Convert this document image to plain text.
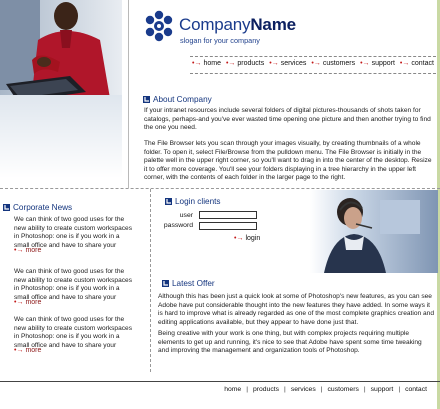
CompanyName
slogan for your company
•→ home •→ products •→ services •→ customers •→ support •→ contact
About Company
If your intranet resources include several folders of digital pictures-thousands of shots taken for catalogs, perhaps-and you've ever wasted time opening one picture and then another trying to find the one you need.
The File Browser lets you scan through your images visually, by creating thumbnails of a whole folder. To open it, select File/Browse from the pulldown menu. The File Browser is initially in the palette well in the upper right corner, so you'll want to drag in into the center of the desktop. Resize it to offer more coverage. You'll see your folders displaying in a tree hierarchy in the upper left corner, with the contents of each folder in the larger page to the right.
Corporate News
We can think of two good uses for the new ability to create custom workspaces in Photoshop: one is if you work in a small office and have to share your
•→ more
We can think of two good uses for the new ability to create custom workspaces in Photoshop: one is if you work in a small office and have to share your
•→ more
We can think of two good uses for the new ability to create custom workspaces in Photoshop: one is if you work in a small office and have to share your
•→ more
Login clients
user
password
•→ login
Latest Offer
Although this has been just a quick look at some of Photoshop's new features, as you can see Adobe have put considerable thought into the new features they have added. In some ways it is hard to improve what is already regarded as one of the most complete graphics creation and editing applications available, but they appear to have done just that.
Being creative with your work is one thing, but with complex projects requiring multiple elements to get up and running, it's nice to see that Adobe have spent some time tweaking and improving the management and organization tools of Photoshop.
home | products | services | customers | support | contact
